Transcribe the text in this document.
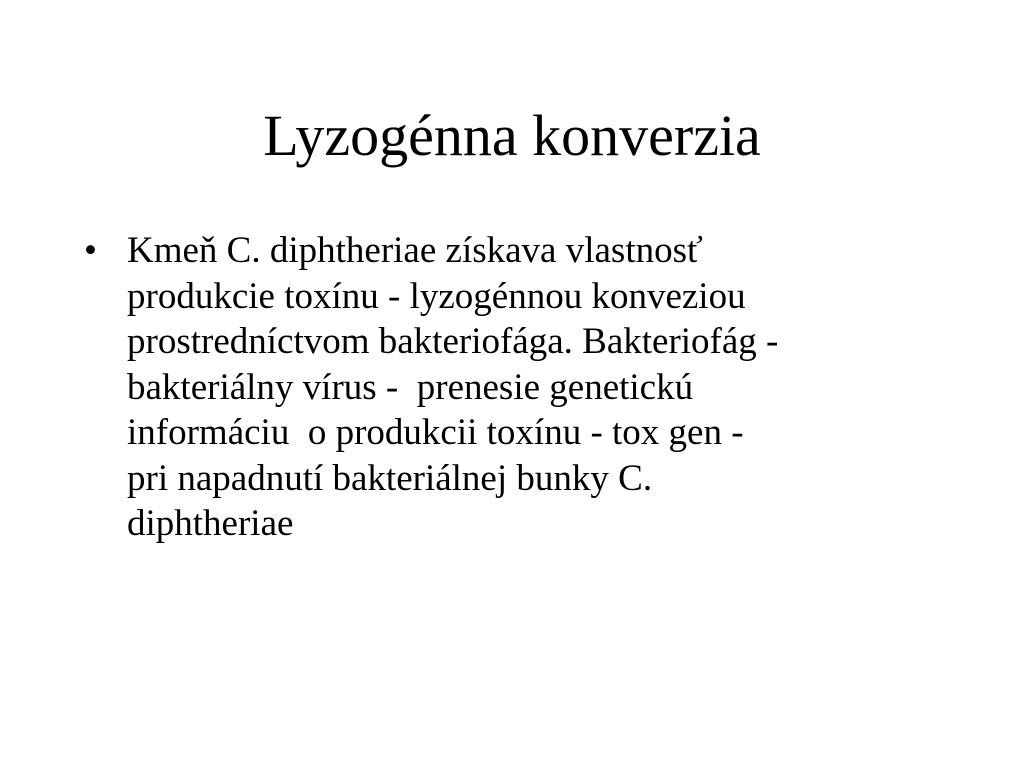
Lyzogénna konverzia
• Kmeň C. diphtheriae získava vlastnosť
produkcie toxínu - lyzogénnou konveziou
prostredníctvom bakteriofága. Bakteriofág -
bakteriálny vírus -  prenesie genetickú
informáciu  o produkcii toxínu - tox gen -
pri napadnutí bakteriálnej bunky C.
diphtheriae
